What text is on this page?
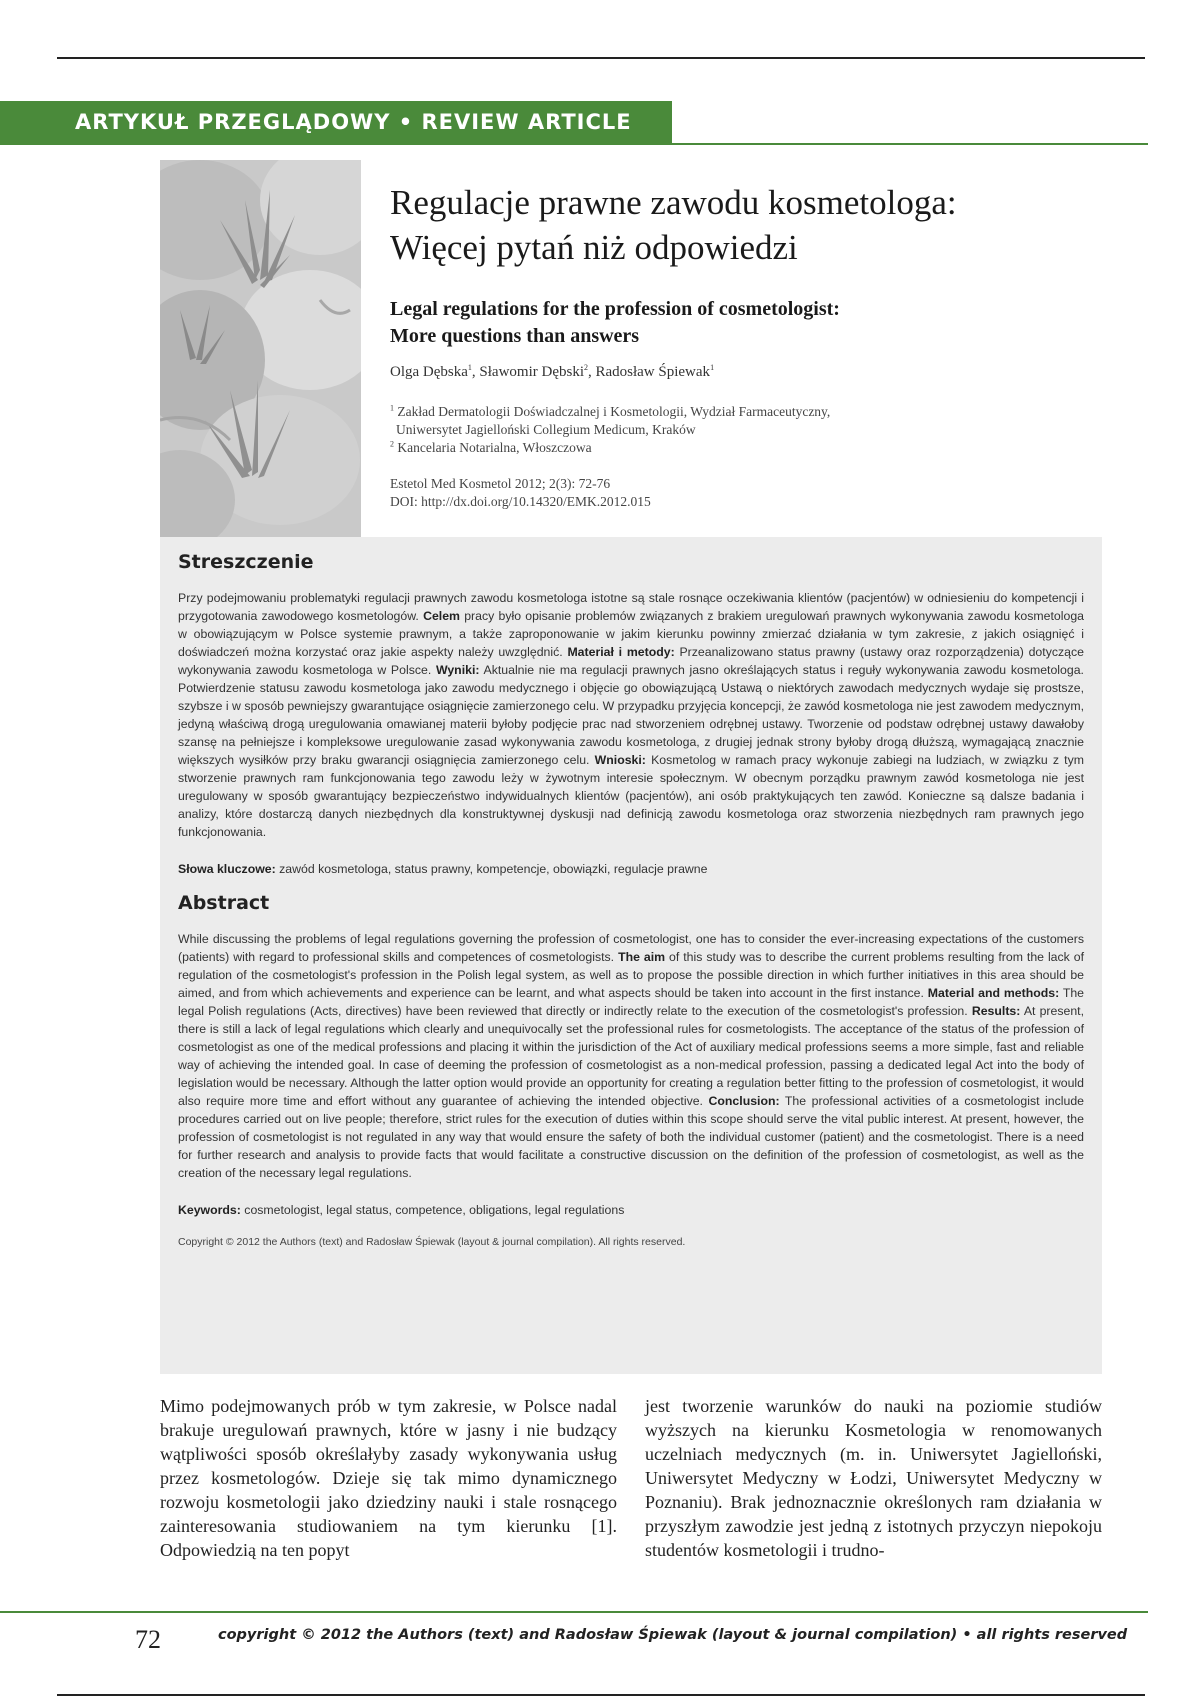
ARTYKUŁ PRZEGLĄDOWY • REVIEW ARTICLE
Regulacje prawne zawodu kosmetologa:
Więcej pytań niż odpowiedzi
Legal regulations for the profession of cosmetologist:
More questions than answers
Olga Dębska$^1$, Sławomir Dębski$^2$, Radosław Śpiewak$^1$
$^1$ Zakład Dermatologii Doświadczalnej i Kosmetologii, Wydział Farmaceutyczny,
Uniwersytet Jagielloński Collegium Medicum, Kraków
$^2$ Kancelaria Notarialna, Włoszczowa
Estetol Med Kosmetol 2012; 2(3): 72-76
DOI: http://dx.doi.org/10.14320/EMK.2012.015
Streszczenie

Przy podejmowaniu problematyki regulacji prawnych zawodu kosmetologa istotne są stale rosnące oczekiwania klientów (pacjentów) w odniesieniu do kompetencji i przygotowania zawodowego kosmetologów. Celem pracy było opisanie problemów związanych z brakiem uregulowań prawnych wykonywania zawodu kosmetologa w obowiązującym w Polsce systemie prawnym, a także zaproponowanie w jakim kierunku powinny zmierzać działania w tym zakresie, z jakich osiągnięć i doświadczeń można korzystać oraz jakie aspekty należy uwzględnić. Materiał i metody: Przeanalizowano status prawny (ustawy oraz rozporządzenia) dotyczące wykonywania zawodu kosmetologa w Polsce. Wyniki: Aktualnie nie ma regulacji prawnych jasno określających status i reguły wykonywania zawodu kosmetologa. Potwierdzenie statusu zawodu kosmetologa jako zawodu medycznego i objęcie go obowiązującą Ustawą o niektórych zawodach medycznych wydaje się prostsze, szybsze i w sposób pewniejszy gwarantujące osiągnięcie zamierzonego celu. W przypadku przyjęcia koncepcji, że zawód kosmetologa nie jest zawodem medycznym, jedyną właściwą drogą uregulowania omawianej materii byłoby podjęcie prac nad stworzeniem odrębnej ustawy. Tworzenie od podstaw odrębnej ustawy dawałoby szansę na pełniejsze i kompleksowe uregulowanie zasad wykonywania zawodu kosmetologa, z drugiej jednak strony byłoby drogą dłuższą, wymagającą znacznie większych wysiłków przy braku gwarancji osiągnięcia zamierzonego celu. Wnioski: Kosmetolog w ramach pracy wykonuje zabiegi na ludziach, w związku z tym stworzenie prawnych ram funkcjonowania tego zawodu leży w żywotnym interesie społecznym. W obecnym porządku prawnym zawód kosmetologa nie jest uregulowany w sposób gwarantujący bezpieczeństwo indywidualnych klientów (pacjentów), ani osób praktykujących ten zawód. Konieczne są dalsze badania i analizy, które dostarczą danych niezbędnych dla konstruktywnej dyskusji nad definicją zawodu kosmetologa oraz stworzenia niezbędnych ram prawnych jego funkcjonowania.

Słowa kluczowe: zawód kosmetologa, status prawny, kompetencje, obowiązki, regulacje prawne

Abstract

While discussing the problems of legal regulations governing the profession of cosmetologist, one has to consider the ever-increasing expectations of the customers (patients) with regard to professional skills and competences of cosmetologists. The aim of this study was to describe the current problems resulting from the lack of regulation of the cosmetologist's profession in the Polish legal system, as well as to propose the possible direction in which further initiatives in this area should be aimed, and from which achievements and experience can be learnt, and what aspects should be taken into account in the first instance. Material and methods: The legal Polish regulations (Acts, directives) have been reviewed that directly or indirectly relate to the execution of the cosmetologist's profession. Results: At present, there is still a lack of legal regulations which clearly and unequivocally set the professional rules for cosmetologists. The acceptance of the status of the profession of cosmetologist as one of the medical professions and placing it within the jurisdiction of the Act of auxiliary medical professions seems a more simple, fast and reliable way of achieving the intended goal. In case of deeming the profession of cosmetologist as a non-medical profession, passing a dedicated legal Act into the body of legislation would be necessary. Although the latter option would provide an opportunity for creating a regulation better fitting to the profession of cosmetologist, it would also require more time and effort without any guarantee of achieving the intended objective. Conclusion: The professional activities of a cosmetologist include procedures carried out on live people; therefore, strict rules for the execution of duties within this scope should serve the vital public interest. At present, however, the profession of cosmetologist is not regulated in any way that would ensure the safety of both the individual customer (patient) and the cosmetologist. There is a need for further research and analysis to provide facts that would facilitate a constructive discussion on the definition of the profession of cosmetologist, as well as the creation of the necessary legal regulations.

Keywords: cosmetologist, legal status, competence, obligations, legal regulations

Copyright © 2012 the Authors (text) and Radosław Śpiewak (layout & journal compilation). All rights reserved.

Mimo podejmowanych prób w tym zakresie, w Polsce nadal brakuje uregulowań prawnych, które w jasny i nie budzący wątpliwości sposób określałyby zasady wykonywania usług przez kosmetologów. Dzieje się tak mimo dynamicznego rozwoju kosmetologii jako dziedziny nauki i stale rosnącego zainteresowania studiowaniem na tym kierunku [1]. Odpowiedzią na ten popyt
jest tworzenie warunków do nauki na poziomie studiów wyższych na kierunku Kosmetologia w renomowanych uczelniach medycznych (m. in. Uniwersytet Jagielloński, Uniwersytet Medyczny w Łodzi, Uniwersytet Medyczny w Poznaniu). Brak jednoznacznie określonych ram działania w przyszłym zawodzie jest jedną z istotnych przyczyn niepokoju studentów kosmetologii i trudno-
72	copyright © 2012 the Authors (text) and Radosław Śpiewak (layout & journal compilation) • all rights reserved
